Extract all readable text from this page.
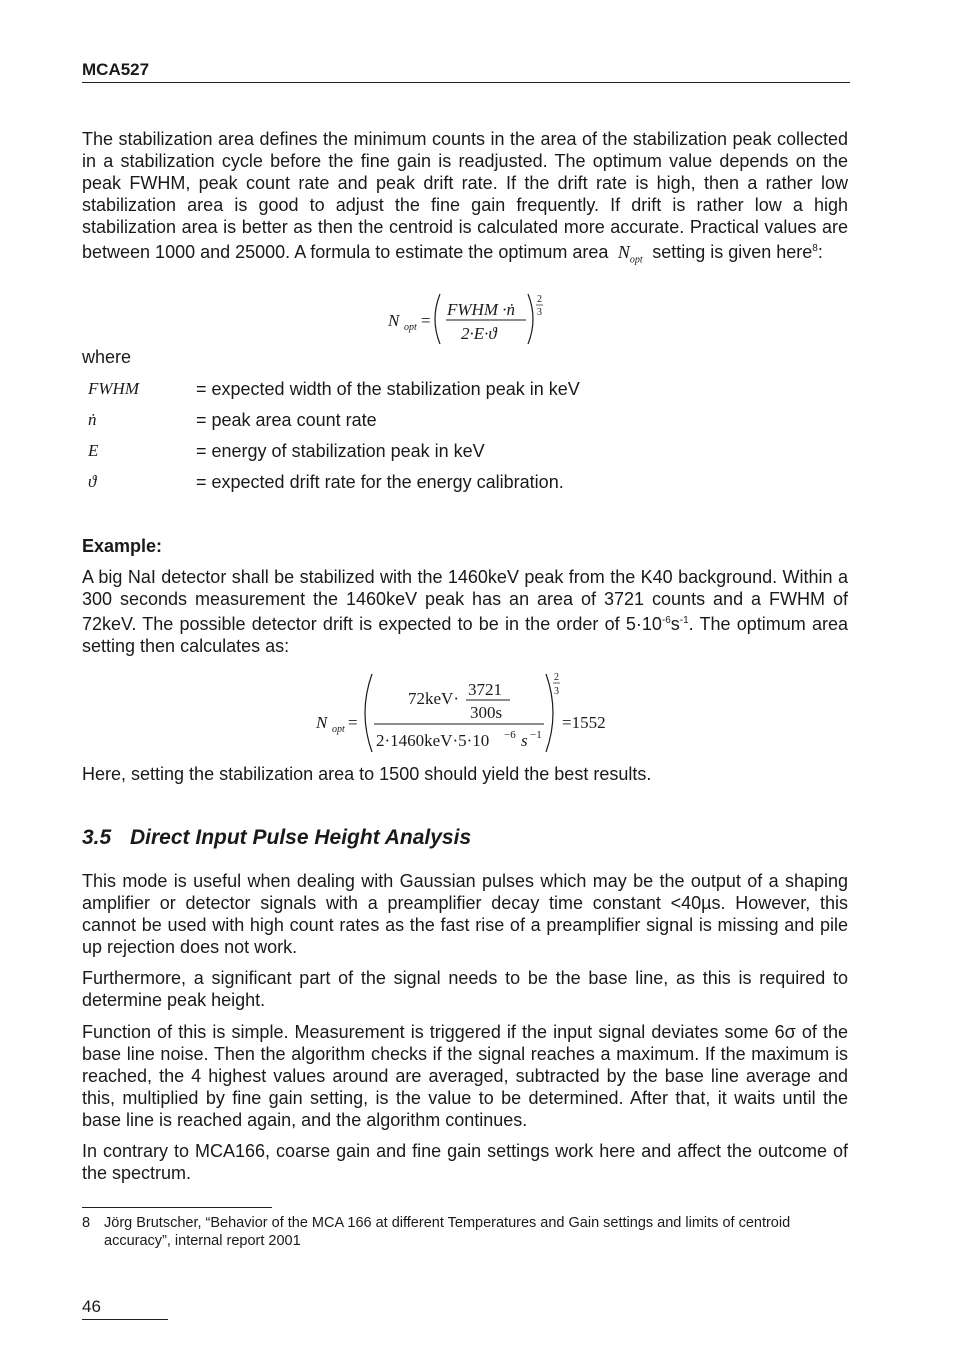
MCA527
The stabilization area defines the minimum counts in the area of the stabilization peak collected in a stabilization cycle before the fine gain is readjusted. The optimum value depends on the peak FWHM, peak count rate and peak drift rate. If the drift rate is high, then a rather low stabilization area is good to adjust the fine gain frequently. If drift is rather low a high stabilization area is better as then the centroid is calculated more accurate. Practical values are between 1000 and 25000. A formula to estimate the optimum area $N_{opt}$ setting is given here$^8$:
N opt =
FWHM ·ṅ
2·E·ϑ
2
3
where
FWHM	= expected width of the stabilization peak in keV
ṅ	= peak area count rate
E	= energy of stabilization peak in keV
ϑ	= expected drift rate for the energy calibration.
Example:
A big NaI detector shall be stabilized with the 1460keV peak from the K40 background. Within a 300 seconds measurement the 1460keV peak has an area of 3721 counts and a FWHM of 72keV. The possible detector drift is expected to be in the order of $5\cdot 10^{-6}s^{-1}$. The optimum area setting then calculates as:
N opt =
72keV· 3721
300s
2·1460keV·5·10 −6 s −1
2
3
=1552
Here, setting the stabilization area to 1500 should yield the best results.
3.5 Direct Input Pulse Height Analysis
This mode is useful when dealing with Gaussian pulses which may be the output of a shaping amplifier or detector signals with a preamplifier decay time constant <40µs. However, this cannot be used with high count rates as the fast rise of a preamplifier signal is missing and pile up rejection does not work.
Furthermore, a significant part of the signal needs to be the base line, as this is required to determine peak height.
Function of this is simple. Measurement is triggered if the input signal deviates some 6σ of the base line noise. Then the algorithm checks if the signal reaches a maximum. If the maximum is reached, the 4 highest values around are averaged, subtracted by the base line average and this, multiplied by fine gain setting, is the value to be determined. After that, it waits until the base line is reached again, and the algorithm continues.
In contrary to MCA166, coarse gain and fine gain settings work here and affect the outcome of the spectrum.
8 Jörg Brutscher, “Behavior of the MCA 166 at different Temperatures and Gain settings and limits of centroid accuracy”, internal report 2001
46
